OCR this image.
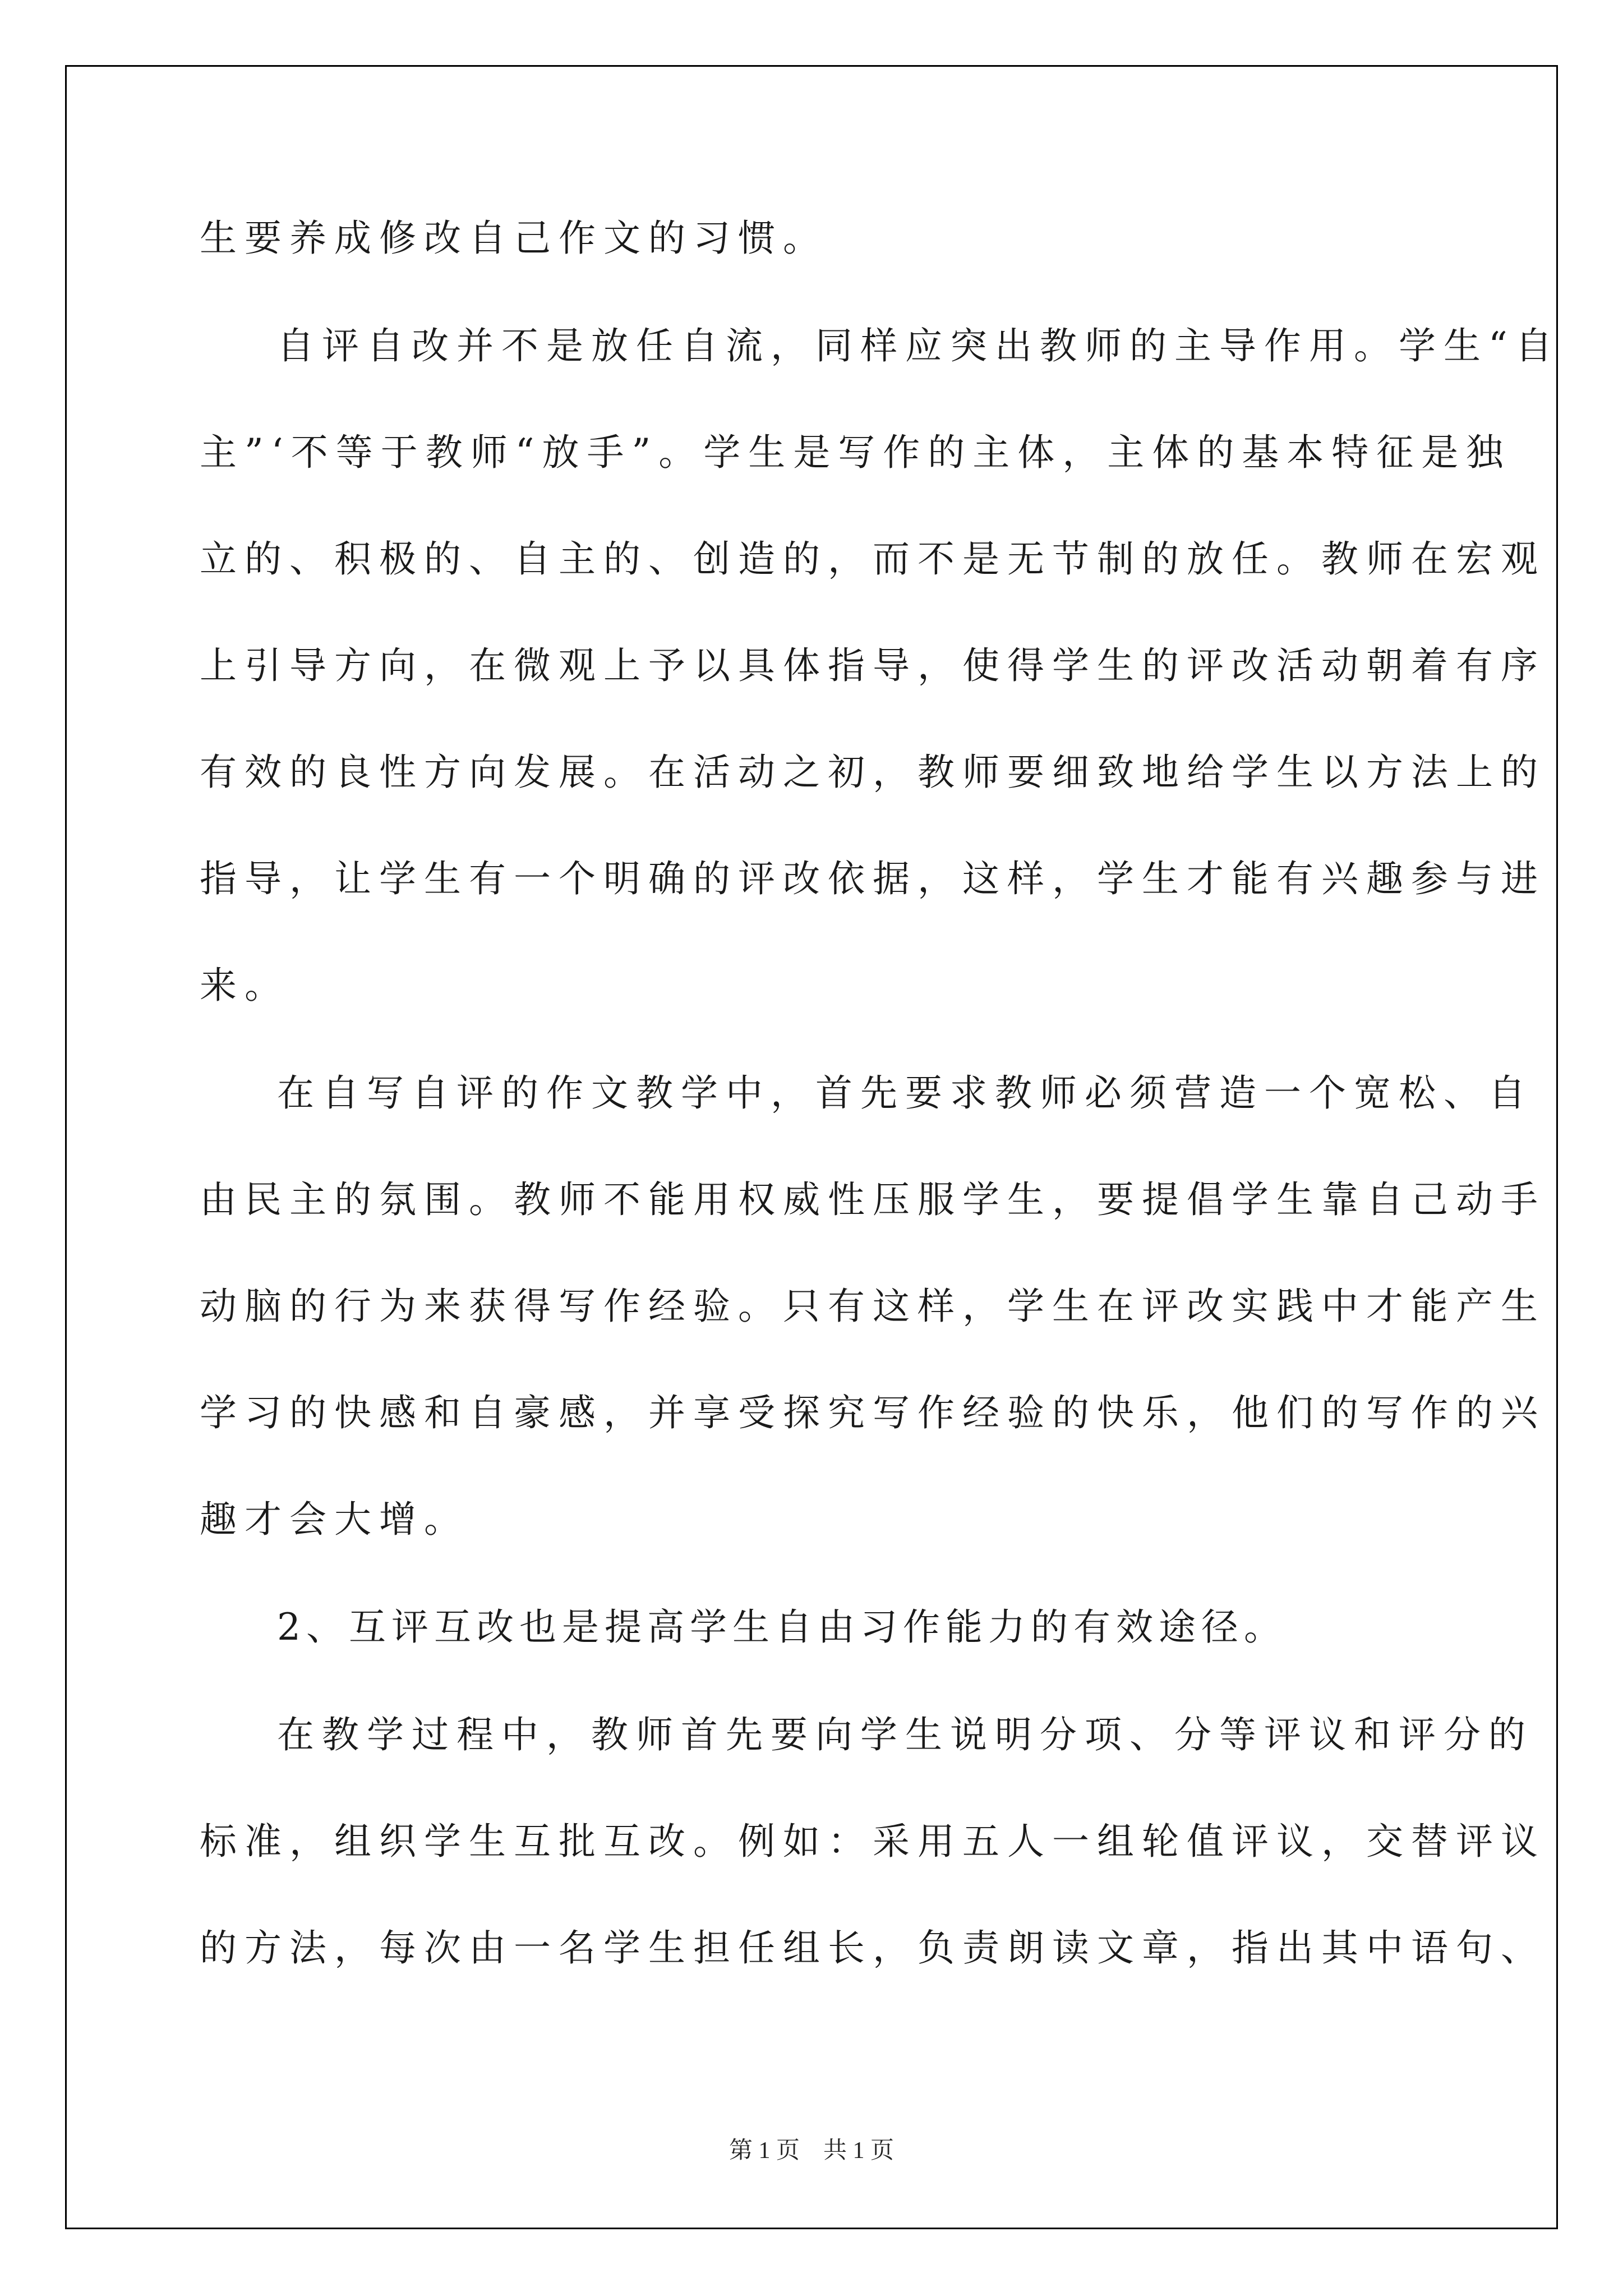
生要养成修改自己作文的习惯。

自评自改并不是放任自流，同样应突出教师的主导作用。学生“自

主”‘不等于教师“放手”。学生是写作的主体，主体的基本特征是独

立的、积极的、自主的、创造的，而不是无节制的放任。教师在宏观

上引导方向，在微观上予以具体指导，使得学生的评改活动朝着有序

有效的良性方向发展。在活动之初，教师要细致地给学生以方法上的

指导，让学生有一个明确的评改依据，这样，学生才能有兴趣参与进

来。

在自写自评的作文教学中，首先要求教师必须营造一个宽松、自

由民主的氛围。教师不能用权威性压服学生，要提倡学生靠自己动手

动脑的行为来获得写作经验。只有这样，学生在评改实践中才能产生

学习的快感和自豪感，并享受探究写作经验的快乐，他们的写作的兴

趣才会大增。

2、互评互改也是提高学生自由习作能力的有效途径。

在教学过程中，教师首先要向学生说明分项、分等评议和评分的

标准，组织学生互批互改。例如：采用五人一组轮值评议，交替评议

的方法，每次由一名学生担任组长，负责朗读文章，指出其中语句、

第 1 页　共 1 页
